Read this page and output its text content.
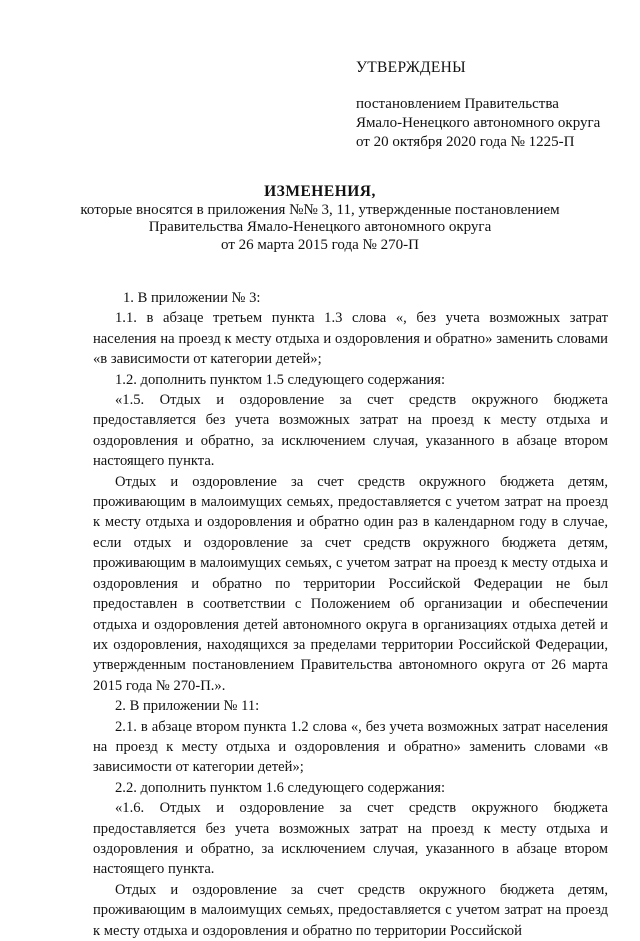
УТВЕРЖДЕНЫ
постановлением Правительства
Ямало-Ненецкого автономного округа
от 20 октября 2020 года № 1225-П
ИЗМЕНЕНИЯ,
которые вносятся в приложения №№ 3, 11, утвержденные постановлением
Правительства Ямало-Ненецкого автономного округа
от 26 марта 2015 года № 270-П

1. В приложении № 3:

1.1. в абзаце третьем пункта 1.3 слова «, без учета возможных затрат населения на проезд к месту отдыха и оздоровления и обратно» заменить словами «в зависимости от категории детей»;

1.2. дополнить пунктом 1.5 следующего содержания:

«1.5. Отдых и оздоровление за счет средств окружного бюджета предоставляется без учета возможных затрат на проезд к месту отдыха и оздоровления и обратно, за исключением случая, указанного в абзаце втором настоящего пункта.

Отдых и оздоровление за счет средств окружного бюджета детям, проживающим в малоимущих семьях, предоставляется с учетом затрат на проезд к месту отдыха и оздоровления и обратно один раз в календарном году в случае, если отдых и оздоровление за счет средств окружного бюджета детям, проживающим в малоимущих семьях, с учетом затрат на проезд к месту отдыха и оздоровления и обратно по территории Российской Федерации не был предоставлен в соответствии с Положением об организации и обеспечении отдыха и оздоровления детей автономного округа в организациях отдыха детей и их оздоровления, находящихся за пределами территории Российской Федерации, утвержденным постановлением Правительства автономного округа от 26 марта 2015 года № 270-П.».

2. В приложении № 11:

2.1. в абзаце втором пункта 1.2 слова «, без учета возможных затрат населения на проезд к месту отдыха и оздоровления и обратно» заменить словами «в зависимости от категории детей»;

2.2. дополнить пунктом 1.6 следующего содержания:

«1.6. Отдых и оздоровление за счет средств окружного бюджета предоставляется без учета возможных затрат на проезд к месту отдыха и оздоровления и обратно, за исключением случая, указанного в абзаце втором настоящего пункта.

Отдых и оздоровление за счет средств окружного бюджета детям, проживающим в малоимущих семьях, предоставляется с учетом затрат на проезд к месту отдыха и оздоровления и обратно по территории Российской
